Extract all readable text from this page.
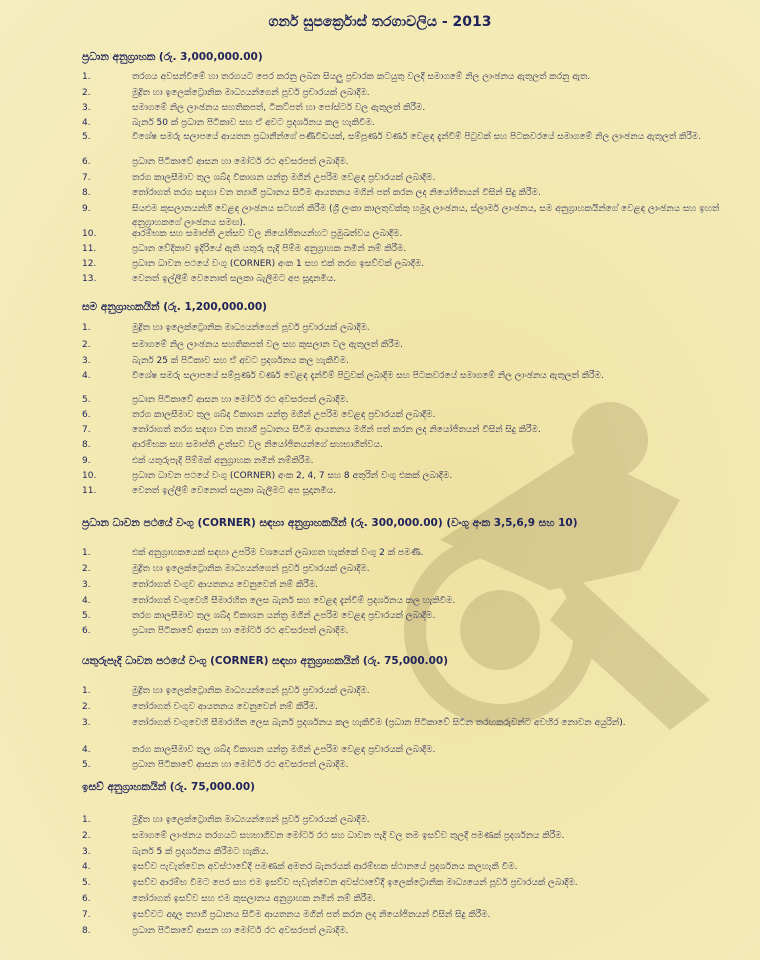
ගනර් සුපර්ක්‍රොස් තරගාවලිය - 2013
ප්‍රධාන අනුග්‍රාහක (රු. 3,000,000.00)
1.	තරගය අවසන්වීමේ හා තරගයට පෙර කරනු ලබන සියලු ප්‍රචාරක කටයුතු වලදී සමාගමේ නිල ලාංඡනය ඇතුලත් කරනු ඇත.
2.	මුද්‍රිත හා ඉලෙක්ට්‍රොනික මාධ්‍යයන්ගෙන් පූර්ව ප්‍රචාරයක් ලබාදීම.
3.	සමාගමේ නිල ලාංඡනය සහතිකපත්, ටිකට්පත් හා පෝස්ටර් වල ඇතුලත් කිරීම.
4.	බැනර් 50 ක් ප්‍රධාන පිටිකාව සහ ඒ අවට ප්‍රදර්ශනය කල හැකිවීම.
5.	විශේෂ සමරු සලාපයේ ආයතන ප්‍රධානීන්ගේ පණිවිඩයක්, සම්පූර්ණ වර්ණ වෙළඳ දැන්වීම් පිටුවක් සහ පිටකවරයේ සමාගමේ නිල ලාංඡනය ඇතුලත් කිරීම.
6.	ප්‍රධාන පිටිකාවේ ආසන හා මෝටර් රථ අවසරපත් ලබාදීම.
7.	තරග කාලසීමාව තුල ශබ්ද විකාශන යන්ත්‍ර මගින් උපරිම වෙළඳ ප්‍රචාරයක් ලබාදීම.
8.	තෝරාගත් තරග සඳහා වන ත්‍යාගී ප්‍රධානය සිටීම ආයතනය මගින් පත් කරන ලද නියෝජිතයන් විසින් සිදු කිරීම.
9.	සියළුම කුසලානයන්හි වෙළඳ ලාංඡනය සටහන් කිරීම (ශ්‍රී ලංකා කාලතුවක්කු හමුදා ලාංඡනය, ස්ලාමර් ලාංඡනය, සම අනුග්‍රාහකයින්ගේ වෙළඳ ලාංඡනය සහ ඉහත් අනුග්‍රාහකගේ ලාංඡනය සමඟ).
10.	ආරම්භක සහ සමාප්ති උත්සව වල නියෝජිතයන්හට ප්‍රමුඛත්වය ලබාදීම.
11.	ප්‍රධාන වේදිකාව ඉදිරියේ ඇති යතුරු පැදි පිම්ම අනුග්‍රාහක නමින් නම් කිරීම.
12.	ප්‍රධාන ධාවන පථයේ වංගු (CORNER) අංක 1 සහ එක් තරග ඉසව්වක් ලබාදීම.
13.	වෙනත් ඉල්ලීම් වෙනොත් සලකා බැලීමට අප සූදානමිය.
සම අනුග්‍රාහකයින් (රු. 1,200,000.00)
1.	මුද්‍රිත හා ඉලෙක්ට්‍රොනික මාධ්‍යයන්ගෙන් පූර්ව ප්‍රචාරයක් ලබාදීම.
2.	සමාගමේ නිල ලාංඡනය සහතිකපත් වල සහ කුසලාන වල ඇතුලත් කිරීම.
3.	බැනර් 25 ක් පිටිකාව සහ ඒ අවට ප්‍රදර්ශනය කල හැකිවීම.
4.	විශේෂ සමරු සලාපයේ සම්පූර්ණ වර්ණ වෙළඳ දැන්වීම් පිටුවක් ලබාදීම සහ පිටකවරයේ සමාගමේ නිල ලාංඡනය ඇතුලත් කිරීම.
5.	ප්‍රධාන පිටිකාවේ ආසන හා මෝටර් රථ අවසරපත් ලබාදීම.
6.	තරග කාලසීමාව තුල ශබ්ද විකාශන යන්ත්‍ර මගින් උපරිම වෙළඳ ප්‍රචාරයක් ලබාදීම.
7.	තෝරාගත් තරග සඳහා වන ත්‍යාගී ප්‍රධානය සිටීම ආයතනය මගින් පත් කරන ලද නියෝජිතයන් විසින් සිදු කිරීම.
8.	ආරම්භක සහ සමාප්ති උත්සව වල නියෝජිතයන්ගේ සහභාගිත්වය.
9.	එක් යතුරුපැදි පිම්මක් අනුග්‍රාහක නමින් නම්කිරීම.
10.	ප්‍රධාන ධාවන පථයේ වංගු (CORNER) අංක 2, 4, 7 සහ 8 අතුරින් වංගු එකක් ලබාදීම.
11.	වෙනත් ඉල්ලීම් වෙනොත් සලකා බැලීමට අප සූදානමිය.
ප්‍රධාන ධාවන පථයේ වංගු (CORNER) සඳහා අනුග්‍රාහකයින් (රු. 300,000.00) (වංගු අංක 3,5,6,9 සහ 10)
1.	එක් අනුග්‍රාහකයෙක් සඳහා උපරිම වශයෙන් ලබාගත හැක්කේ වංගු 2 ක් පමණි.
2.	මුද්‍රිත හා ඉලෙක්ට්‍රොනික මාධ්‍යයන්ගෙන් පූර්ව ප්‍රචාරයක් ලබාදීම.
3.	තෝරාගත් වංගුව ආයතනය වෙනුවෙන් නම් කිරීම.
4.	තෝරාගත් වංගුවෙහි සීමාරහිත ලෙස බැනර් සහ වෙළඳ දැන්වීම් ප්‍රදර්ශනය කල හැකිවීම.
5.	තරග කාලසීමාව තුල ශබ්ද විකාශන යන්ත්‍ර මගින් උපරිම වෙළඳ ප්‍රචාරයක් ලබාදීම.
6.	ප්‍රධාන පිටිකාවේ ආසන හා මෝටර් රථ අවසරපත් ලබාදීම.
යතුරුපැදි ධාවන පථයේ වංගු (CORNER) සඳහා අනුග්‍රාහකයින් (රු. 75,000.00)
1.	මුද්‍රිත හා ඉලෙක්ට්‍රොනික මාධ්‍යයන්ගෙන් පූර්ව ප්‍රචාරයක් ලබාදීම.
2.	තෝරාගත් වංගුව ආයතනය වෙනුවෙන් නම් කිරීම.
3.	තෝරාගත් වංගුවෙහි සීමාරහිත ලෙස බැනර් ප්‍රදර්ශනය කල හැකිවීම (ප්‍රධාන පිටිකාවේ සිටින තරඟකරුවන්ට අවහිර නොවන අයුරින්).
4.	තරග කාලසීමාව තුල ශබ්ද විකාශන යන්ත්‍ර මගින් උපරිම වෙළඳ ප්‍රචාරයක් ලබාදීම.
5.	ප්‍රධාන පිටිකාවේ ආසන හා මෝටර් රථ අවසරපත් ලබාදීම.
ඉසව් අනුග්‍රාහකයින් (රු. 75,000.00)
1.	මුද්‍රිත හා ඉලෙක්ට්‍රොනික මාධ්‍යයන්ගෙන් පූර්ව ප්‍රචාරයක් ලබාදීම.
2.	සමාගමේ ලාංඡනය තරගයට සහභාගිවන මෝටර් රථ සහ ධාවන පැදි වල තම ඉසව්ව තුලදී පමණක් ප්‍රදර්ශනය කිරීම.
3.	බැනර් 5 ක් ප්‍රදර්ශනය කිරීමට හැකිය.
4.	ඉසව්ව පැවැත්වෙන අවස්ථාවේදී පමණක් අමතර බැනරයක් ආරම්භක ස්ථානයේ ප්‍රදර්ශනය කලහැකි වීම.
5.	ඉසව්ව ආරම්භ වීමට පෙර සහ එම ඉසව්ව පැවැත්වෙන අවස්ථාවේදී ඉලෙක්ට්‍රොනික මාධ්‍යයෙන් පූර්ව ප්‍රචාරයක් ලබාදීම.
6.	තෝරාගත් ඉසව්ව සහ එම කුසලානය අනුග්‍රාහක නමින් නම් කිරීම.
7.	ඉසව්වට අදාල ත්‍යාගී ප්‍රධානය සිටීම ආයතනය මගින් පත් කරන ලද නියෝජිතයන් විසින් සිදු කිරීම.
8.	ප්‍රධාන පිටිකාවේ ආසන හා මෝටර් රථ අවසරපත් ලබාදීම.
